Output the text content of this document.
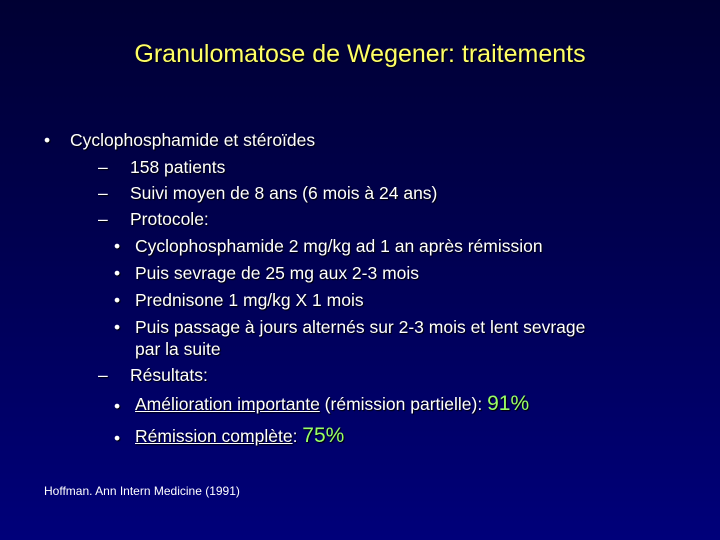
Granulomatose de Wegener: traitements
• Cyclophosphamide et stéroïdes
– 158 patients
– Suivi moyen de 8 ans (6 mois à 24 ans)
– Protocole:
• Cyclophosphamide 2 mg/kg ad 1 an après rémission
• Puis sevrage de 25 mg aux 2-3 mois
• Prednisone 1 mg/kg X 1 mois
• Puis passage à jours alternés sur 2-3 mois et lent sevrage
par la suite
– Résultats:
• Amélioration importante (rémission partielle): 91%
• Rémission complète: 75%
Hoffman. Ann Intern Medicine (1991)
